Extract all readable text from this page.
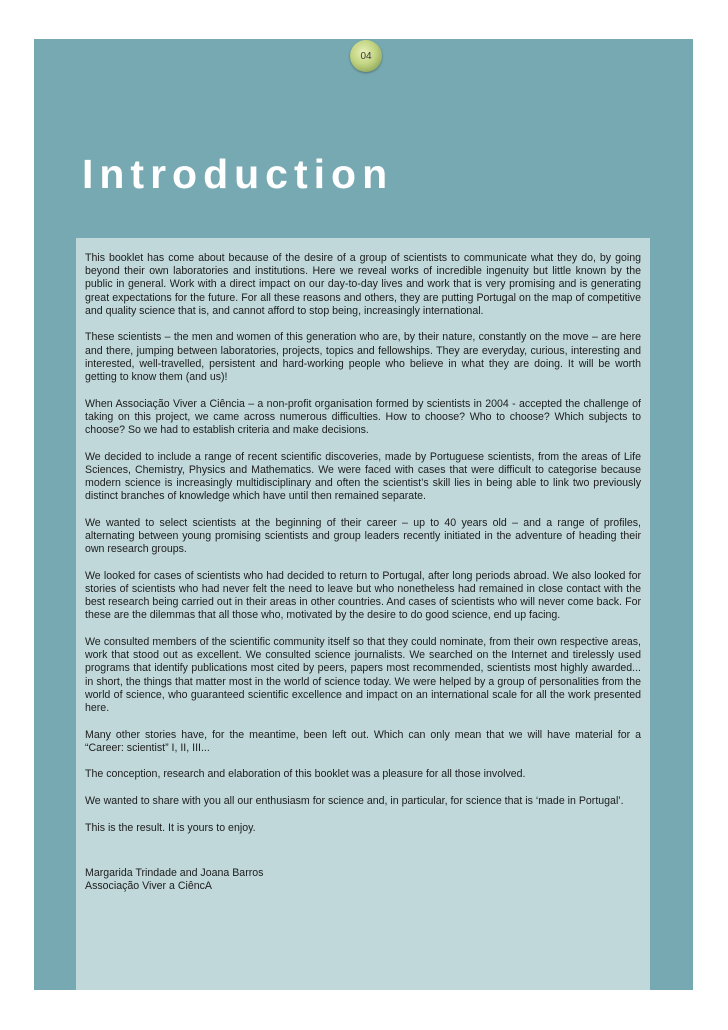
04
Introduction

This booklet has come about because of the desire of a group of scientists to communicate what they do, by going beyond their own laboratories and institutions. Here we reveal works of incredible ingenuity but little known by the public in general. Work with a direct impact on our day-to-day lives and work that is very promising and is generating great expectations for the future. For all these reasons and others, they are putting Portugal on the map of competitive and quality science that is, and cannot afford to stop being, increasingly international.

These scientists – the men and women of this generation who are, by their nature, constantly on the move – are here and there, jumping between laboratories, projects, topics and fellowships. They are everyday, curious, interesting and interested, well-travelled, persistent and hard-working people who believe in what they are doing. It will be worth getting to know them (and us)!

When Associação Viver a Ciência – a non-profit organisation formed by scientists in 2004 - accepted the challenge of taking on this project, we came across numerous difficulties. How to choose? Who to choose? Which subjects to choose? So we had to establish criteria and make decisions.

We decided to include a range of recent scientific discoveries, made by Portuguese scientists, from the areas of Life Sciences, Chemistry, Physics and Mathematics. We were faced with cases that were difficult to categorise because modern science is increasingly multidisciplinary and often the scientist’s skill lies in being able to link two previously distinct branches of knowledge which have until then remained separate.

We wanted to select scientists at the beginning of their career – up to 40 years old – and a range of profiles, alternating between young promising scientists and group leaders recently initiated in the adventure of heading their own research groups.

We looked for cases of scientists who had decided to return to Portugal, after long periods abroad. We also looked for stories of scientists who had never felt the need to leave but who nonetheless had remained in close contact with the best research being carried out in their areas in other countries. And cases of scientists who will never come back. For these are the dilemmas that all those who, motivated by the desire to do good science, end up facing.

We consulted members of the scientific community itself so that they could nominate, from their own respective areas, work that stood out as excellent. We consulted science journalists. We searched on the Internet and tirelessly used programs that identify publications most cited by peers, papers most recommended, scientists most highly awarded... in short, the things that matter most in the world of science today. We were helped by a group of personalities from the world of science, who guaranteed scientific excellence and impact on an international scale for all the work presented here.

Many other stories have, for the meantime, been left out. Which can only mean that we will have material for a “Career: scientist” I, II, III...

The conception, research and elaboration of this booklet was a pleasure for all those involved.

We wanted to share with you all our enthusiasm for science and, in particular, for science that is ‘made in Portugal’.

This is the result. It is yours to enjoy.

Margarida Trindade and Joana Barros
Associação Viver a CiêncA
